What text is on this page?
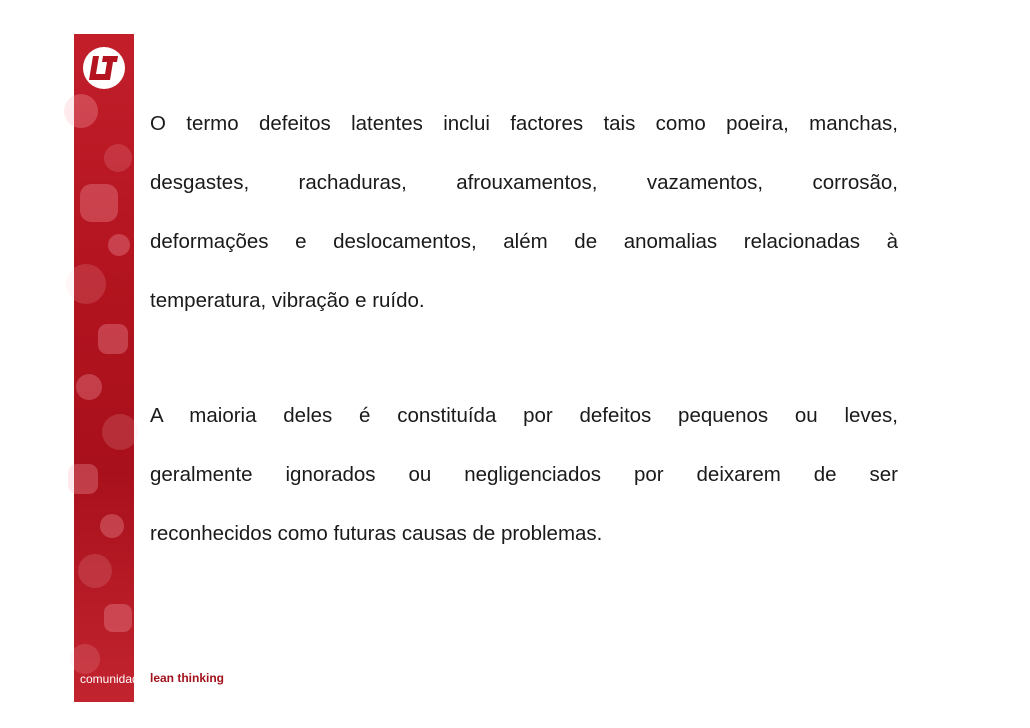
O termo defeitos latentes inclui factores tais como poeira, manchas,
desgastes, rachaduras, afrouxamentos, vazamentos, corrosão,
deformações e deslocamentos, além de anomalias relacionadas à
temperatura, vibração e ruído.
A maioria deles é constituída por defeitos pequenos ou leves,
geralmente ignorados ou negligenciados por deixarem de ser
reconhecidos como futuras causas de problemas.
comunidade lean thinking
